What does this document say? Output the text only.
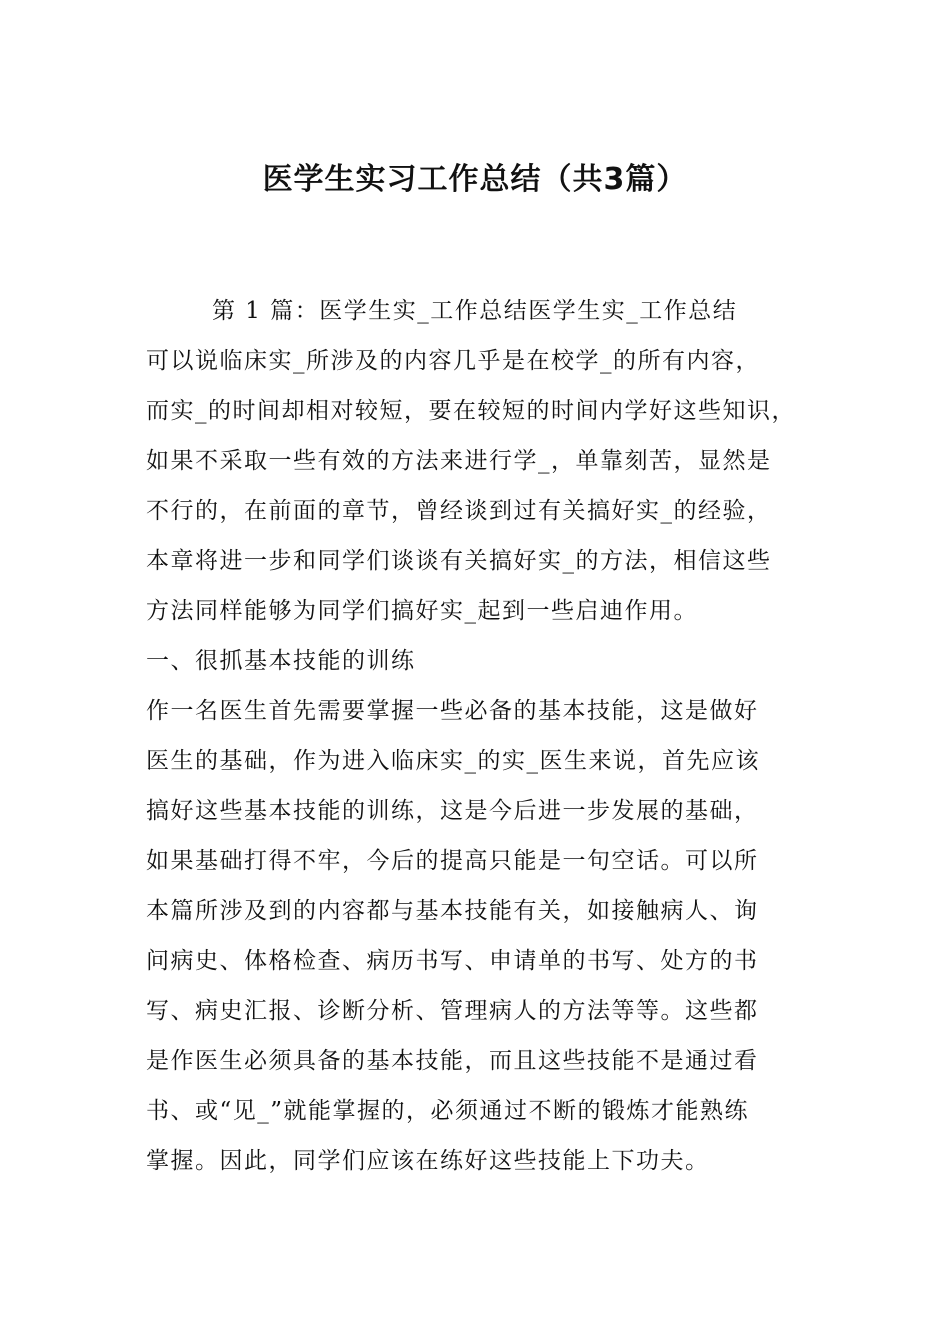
医学生实习工作总结（共3篇）
第 1 篇：医学生实_工作总结医学生实_工作总结
可以说临床实_所涉及的内容几乎是在校学_的所有内容，
而实_的时间却相对较短，要在较短的时间内学好这些知识，
如果不采取一些有效的方法来进行学_，单靠刻苦，显然是
不行的，在前面的章节，曾经谈到过有关搞好实_的经验，
本章将进一步和同学们谈谈有关搞好实_的方法，相信这些
方法同样能够为同学们搞好实_起到一些启迪作用。
一、很抓基本技能的训练
作一名医生首先需要掌握一些必备的基本技能，这是做好
医生的基础，作为进入临床实_的实_医生来说，首先应该
搞好这些基本技能的训练，这是今后进一步发展的基础，
如果基础打得不牢，今后的提高只能是一句空话。可以所
本篇所涉及到的内容都与基本技能有关，如接触病人、询
问病史、体格检查、病历书写、申请单的书写、处方的书
写、病史汇报、诊断分析、管理病人的方法等等。这些都
是作医生必须具备的基本技能，而且这些技能不是通过看
书、或“见_”就能掌握的，必须通过不断的锻炼才能熟练
掌握。因此，同学们应该在练好这些技能上下功夫。
